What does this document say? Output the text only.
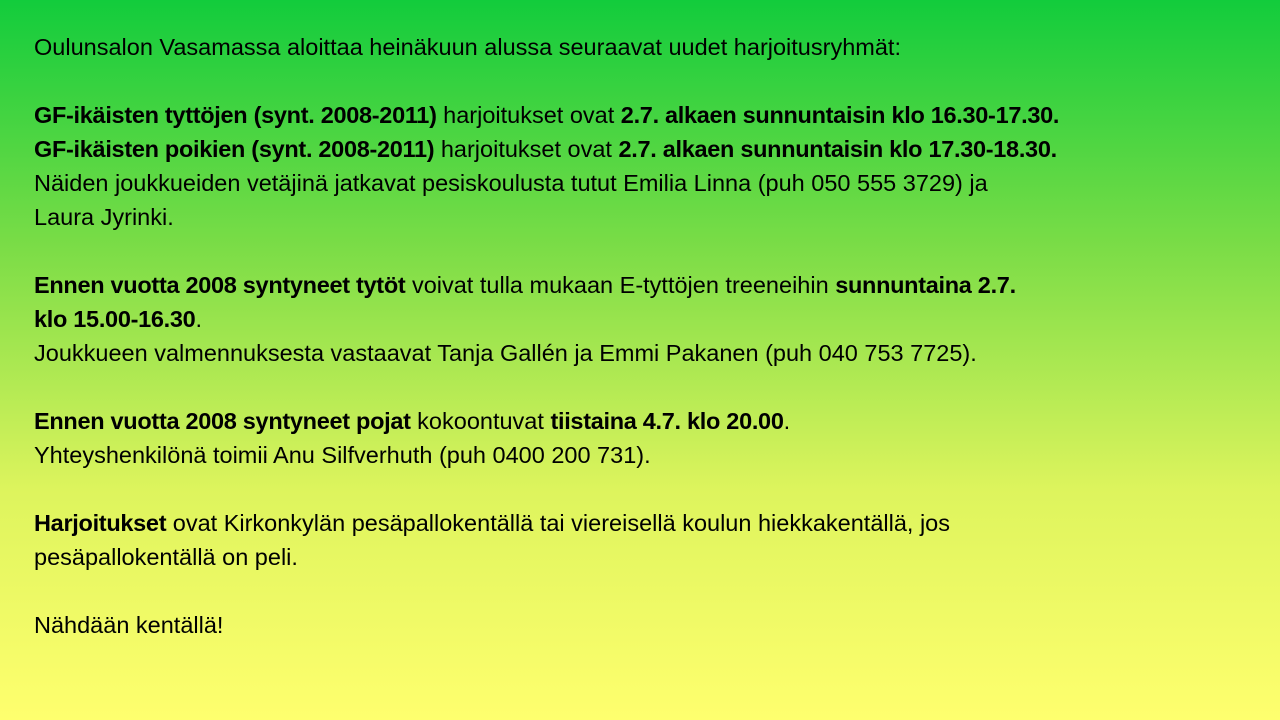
Oulunsalon Vasamassa aloittaa heinäkuun alussa seuraavat uudet harjoitusryhmät:

GF-ikäisten tyttöjen (synt. 2008-2011) harjoitukset ovat 2.7. alkaen sunnuntaisin klo 16.30-17.30.
GF-ikäisten poikien (synt. 2008-2011) harjoitukset ovat 2.7. alkaen sunnuntaisin klo 17.30-18.30.
Näiden joukkueiden vetäjinä jatkavat pesiskoulusta tutut Emilia Linna (puh 050 555 3729) ja
Laura Jyrinki.

Ennen vuotta 2008 syntyneet tytöt voivat tulla mukaan E-tyttöjen treeneihin sunnuntaina 2.7.
klo 15.00-16.30.
Joukkueen valmennuksesta vastaavat Tanja Gallén ja Emmi Pakanen (puh 040 753 7725).

Ennen vuotta 2008 syntyneet pojat kokoontuvat tiistaina 4.7. klo 20.00.
Yhteyshenkilönä toimii Anu Silfverhuth (puh 0400 200 731).

Harjoitukset ovat Kirkonkylän pesäpallokentällä tai viereisellä koulun hiekkakentällä, jos
pesäpallokentällä on peli.

Nähdään kentällä!
